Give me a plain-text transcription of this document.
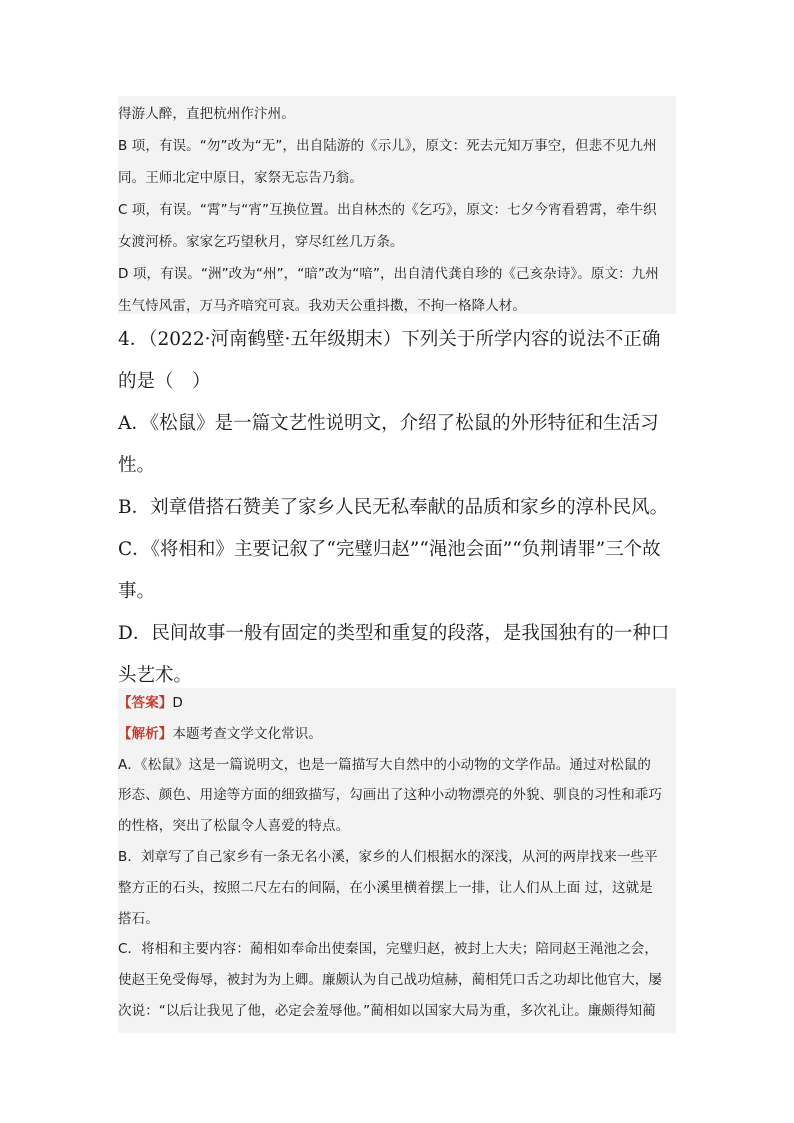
得游人醉，直把杭州作汴州。
B 项，有误。“勿”改为“无”，出自陆游的《示儿》，原文：死去元知万事空，但悲不见九州
同。王师北定中原日，家祭无忘告乃翁。
C 项，有误。“霄”与“宵”互换位置。出自林杰的《乞巧》，原文：七夕今宵看碧霄，牵牛织
女渡河桥。家家乞巧望秋月，穿尽红丝几万条。
D 项，有误。“洲”改为“州”，“暗”改为“喑”，出自清代龚自珍的《己亥杂诗》。原文：九州
生气恃风雷，万马齐喑究可哀。我劝天公重抖擞，不拘一格降人材。
4．（2022·河南鹤壁·五年级期末）下列关于所学内容的说法不正确
的是（　）
A．《松鼠》是一篇文艺性说明文，介绍了松鼠的外形特征和生活习
性。
B．刘章借搭石赞美了家乡人民无私奉献的品质和家乡的淳朴民风。
C．《将相和》主要记叙了“完璧归赵”“渑池会面”“负荆请罪”三个故
事。
D．民间故事一般有固定的类型和重复的段落，是我国独有的一种口
头艺术。
【答案】D
【解析】本题考查文学文化常识。
A．《松鼠》这是一篇说明文，也是一篇描写大自然中的小动物的文学作品。通过对松鼠的
形态、颜色、用途等方面的细致描写，勾画出了这种小动物漂亮的外貌、驯良的习性和乖巧
的性格，突出了松鼠令人喜爱的特点。
B．刘章写了自己家乡有一条无名小溪，家乡的人们根据水的深浅，从河的两岸找来一些平
整方正的石头，按照二尺左右的间隔，在小溪里横着摆上一排，让人们从上面 过，这就是
搭石。
C．将相和主要内容：蔺相如奉命出使秦国，完璧归赵，被封上大夫；陪同赵王渑池之会，
使赵王免受侮辱，被封为为上卿。廉颇认为自己战功煊赫，蔺相凭口舌之功却比他官大，屡
次说：“以后让我见了他，必定会羞辱他。”蔺相如以国家大局为重，多次礼让。廉颇得知蔺
